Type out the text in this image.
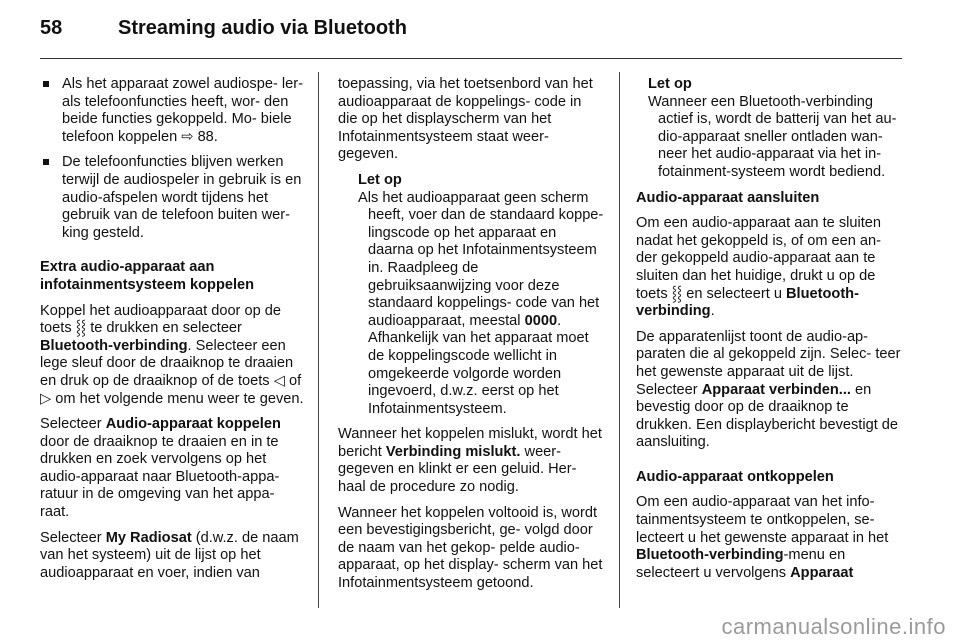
58	Streaming audio via Bluetooth
Als het apparaat zowel audiospe- ler- als telefoonfuncties heeft, wor- den beide functies gekoppeld. Mo- biele telefoon koppelen ⇨ 88.
De telefoonfuncties blijven werken terwijl de audiospeler in gebruik is en audio-afspelen wordt tijdens het gebruik van de telefoon buiten wer- king gesteld.

Extra audio-apparaat aan
infotainmentsysteem koppelen

Koppel het audioapparaat door op de toets ⸾⸾ te drukken en selecteer Bluetooth-verbinding. Selecteer een lege sleuf door de draaiknop te draaien en druk op de draaiknop of de toets ◁ of ▷ om het volgende menu weer te geven.

Selecteer Audio-apparaat koppelen door de draaiknop te draaien en in te drukken en zoek vervolgens op het audio-apparaat naar Bluetooth-appa- ratuur in de omgeving van het appa- raat.

Selecteer My Radiosat (d.w.z. de naam van het systeem) uit de lijst op het audioapparaat en voer, indien van

toepassing, via het toetsenbord van het audioapparaat de koppelings- code in die op het displayscherm van het Infotainmentsysteem staat weer- gegeven.

Let op
Als het audioapparaat geen scherm heeft, voer dan de standaard koppe- lingscode op het apparaat en daarna op het Infotainmentsysteem in. Raadpleeg de gebruiksaanwijzing voor deze standaard koppelings- code van het audioapparaat, meestal 0000. Afhankelijk van het apparaat moet de koppelingscode wellicht in omgekeerde volgorde worden ingevoerd, d.w.z. eerst op het Infotainmentsysteem.

Wanneer het koppelen mislukt, wordt het bericht Verbinding mislukt. weer- gegeven en klinkt er een geluid. Her- haal de procedure zo nodig.

Wanneer het koppelen voltooid is, wordt een bevestigingsbericht, ge- volgd door de naam van het gekop- pelde audio-apparaat, op het display- scherm van het Infotainmentsysteem getoond.

Let op
Wanneer een Bluetooth-verbinding actief is, wordt de batterij van het au- dio-apparaat sneller ontladen wan- neer het audio-apparaat via het in- fotainment-systeem wordt bediend.

Audio-apparaat aansluiten

Om een audio-apparaat aan te sluiten nadat het gekoppeld is, of om een an- der gekoppeld audio-apparaat aan te sluiten dan het huidige, drukt u op de toets ⸾⸾ en selecteert u Bluetooth- verbinding.

De apparatenlijst toont de audio-ap- paraten die al gekoppeld zijn. Selec- teer het gewenste apparaat uit de lijst. Selecteer Apparaat verbinden... en bevestig door op de draaiknop te drukken. Een displaybericht bevestigt de aansluiting.

Audio-apparaat ontkoppelen

Om een audio-apparaat van het info- tainmentsysteem te ontkoppelen, se- lecteert u het gewenste apparaat in het Bluetooth-verbinding-menu en selecteert u vervolgens Apparaat

carmanualsonline.info
